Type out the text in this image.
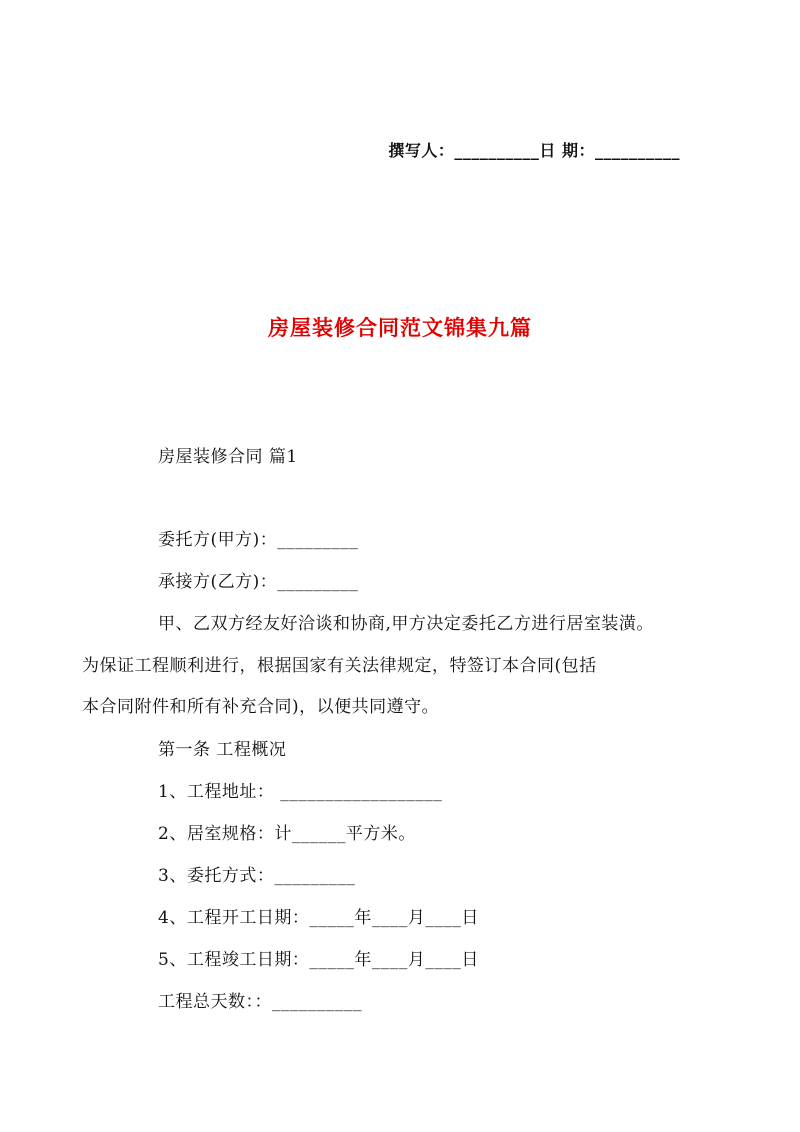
撰写人：__________日 期：__________
房屋装修合同范文锦集九篇
房屋装修合同 篇1
委托方(甲方)：_________
承接方(乙方)：_________
甲、乙双方经友好洽谈和协商,甲方决定委托乙方进行居室装潢。
为保证工程顺利进行，根据国家有关法律规定，特签订本合同(包括
本合同附件和所有补充合同)，以便共同遵守。
第一条 工程概况
1、工程地址： __________________
2、居室规格：计______平方米。
3、委托方式：_________
4、工程开工日期：_____年____月____日
5、工程竣工日期：_____年____月____日
工程总天数：：__________
